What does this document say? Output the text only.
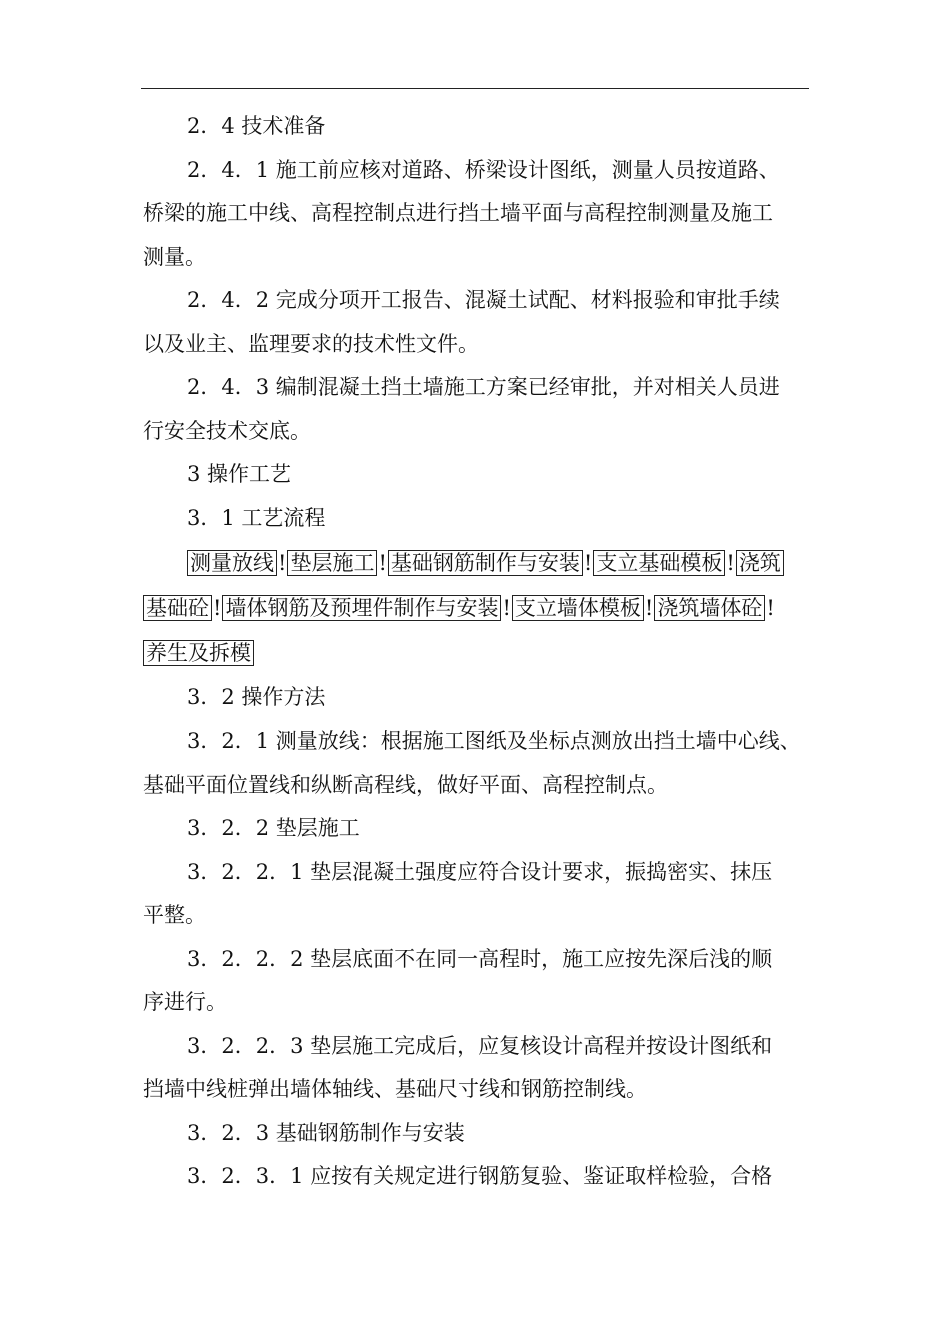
2．4 技术准备
2．4．1 施工前应核对道路、桥梁设计图纸，测量人员按道路、
桥梁的施工中线、高程控制点进行挡土墙平面与高程控制测量及施工
测量。
2．4．2 完成分项开工报告、混凝土试配、材料报验和审批手续
以及业主、监理要求的技术性文件。
2．4．3 编制混凝土挡土墙施工方案已经审批，并对相关人员进
行安全技术交底。
3 操作工艺
3．1 工艺流程
测量放线 ! 垫层施工 ! 基础钢筋制作与安装 ! 支立基础模板 ! 浇筑
基础砼 ! 墙体钢筋及预埋件制作与安装 ! 支立墙体模板 ! 浇筑墙体砼 !
养生及拆模
3．2 操作方法
3．2．1 测量放线：根据施工图纸及坐标点测放出挡土墙中心线、
基础平面位置线和纵断高程线，做好平面、高程控制点。
3．2．2 垫层施工
3．2．2．1 垫层混凝土强度应符合设计要求，振捣密实、抹压
平整。
3．2．2．2 垫层底面不在同一高程时，施工应按先深后浅的顺
序进行。
3．2．2．3 垫层施工完成后，应复核设计高程并按设计图纸和
挡墙中线桩弹出墙体轴线、基础尺寸线和钢筋控制线。
3．2．3 基础钢筋制作与安装
3．2．3．1 应按有关规定进行钢筋复验、鉴证取样检验，合格
